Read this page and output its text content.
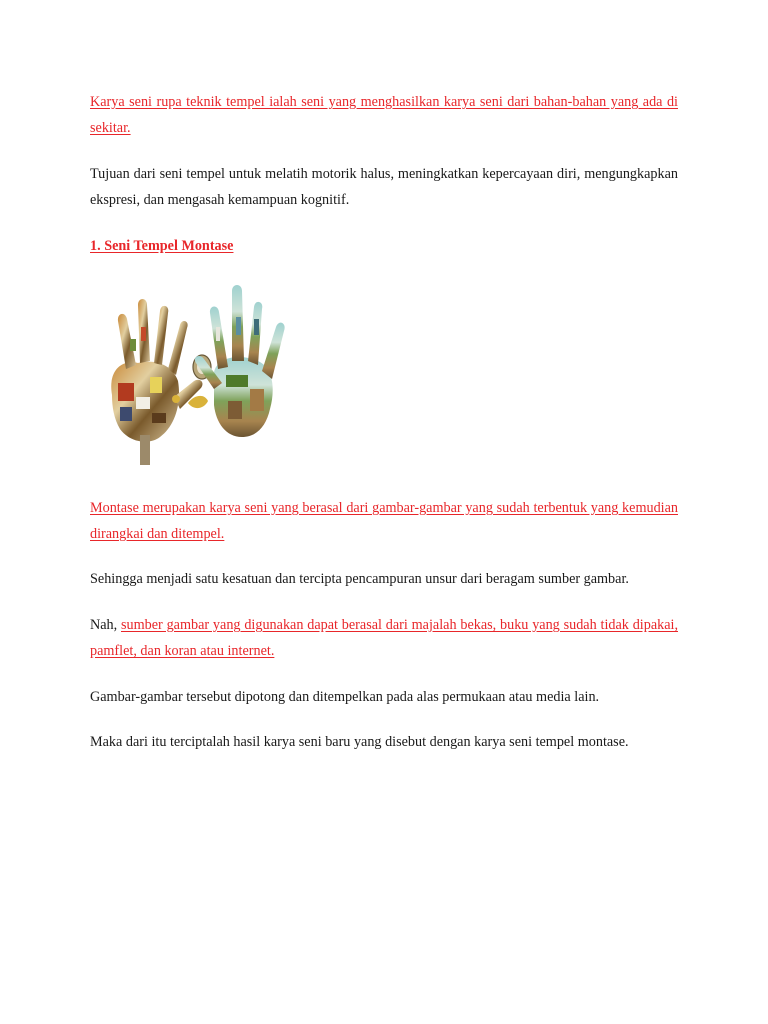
Karya seni rupa teknik tempel ialah seni yang menghasilkan karya seni dari bahan-bahan yang ada di sekitar.

Tujuan dari seni tempel untuk melatih motorik halus, meningkatkan kepercayaan diri, mengungkapkan ekspresi, dan mengasah kemampuan kognitif.

1. Seni Tempel Montase

Montase merupakan karya seni yang berasal dari gambar-gambar yang sudah terbentuk yang kemudian dirangkai dan ditempel.

Sehingga menjadi satu kesatuan dan tercipta pencampuran unsur dari beragam sumber gambar.

Nah, sumber gambar yang digunakan dapat berasal dari majalah bekas, buku yang sudah tidak dipakai, pamflet, dan koran atau internet.

Gambar-gambar tersebut dipotong dan ditempelkan pada alas permukaan atau media lain.

Maka dari itu terciptalah hasil karya seni baru yang disebut dengan karya seni tempel montase.
